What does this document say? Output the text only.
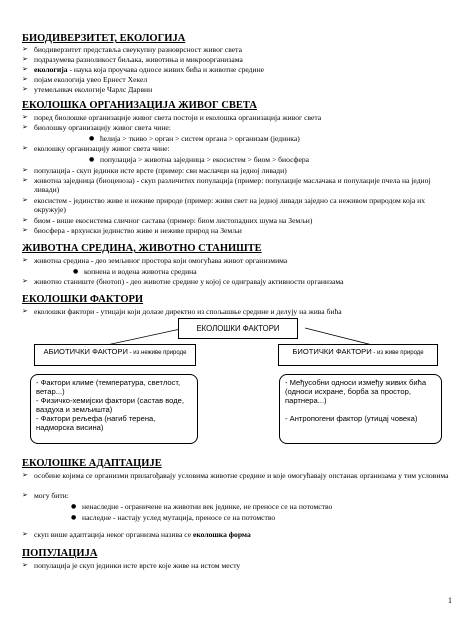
БИОДИВЕРЗИТЕТ, ЕКОЛОГИЈА
➢ биодиверзитет представља свеукупну разноврсност живог света
➢ подразумева разноликост биљака, животиња и микроорганизама
➢ екологија - наука која проучава односе живих бића и животне средине
➢ појам екологија увео Ернест Хекел
➢ утемељивач екологије Чарлс Дарвин
ЕКОЛОШКА ОРГАНИЗАЦИЈА ЖИВОГ СВЕТА
➢ поред биолошке организације живог света постоји и еколошка организација живог света
➢ биолошку организацију живог света чине:
● ћелија > ткиво > орган > систем органа > организам (јединка)
➢ еколошку организацију живог света чине:
● популација > животна заједница > екосистем > биом > биосфера
➢ популација - скуп јединки исте врсте (пример: сви маслачци на једној ливади)
➢ животна заједница (биоценоза) - скуп различитих популација (пример: популације маслачака и популације пчела на једној ливади)
➢ екосистем - јединство живе и неживе природе (пример: живи свет на једној ливади заједно са неживом природом која их окружује)
➢ биом - више екосистема сличног састава (пример: биом листопадних шума на Земљи)
➢ биосфера - врхунски јединство живе и неживе природ на Земљи
ЖИВОТНА СРЕДИНА, ЖИВОТНО СТАНИШТЕ
➢ животна средина - део земљиног простора који омогућава живот организмима
● копнена и водена животна средина
➢ животно станиште (биотоп) - део животне средине у којој се одигравају активности организама
ЕКОЛОШКИ ФАКТОРИ
➢ еколошки фактори - утицаји који долазе директно из спољашње средине и делују на жива бића
ЕКОЛОШКИ ФАКТОРИ
АБИОТИЧКИ ФАКТОРИ - из неживе природе	БИОТИЧКИ ФАКТОРИ - из живе природе
- Фактори климе (температура, светлост, ветар...)
- Физичко-хемијски фактори (састав воде, ваздуха и земљишта)
- Фактори рељефа (нагиб терена, надморска висина)
- Међусобни односи између живих бића (односи исхране, борба за простор, партнера...)
- Антропогени фактор (утицај човека)
ЕКОЛОШКЕ АДАПТАЦИЈЕ
➢ особине којима се организми прилагођавају условима животне средине и које омогућавају опстанак организама у тим условима
➢ могу бити:
● ненаследне - ограничене на животни век јединке, не преносе се на потомство
● наследне - настају услед мутација, преносе се на потомство
➢ скуп више адаптација неког организма назива се еколошка форма
ПОПУЛАЦИЈА
➢ популација је скуп јединки исте врсте које живе на истом месту
1
